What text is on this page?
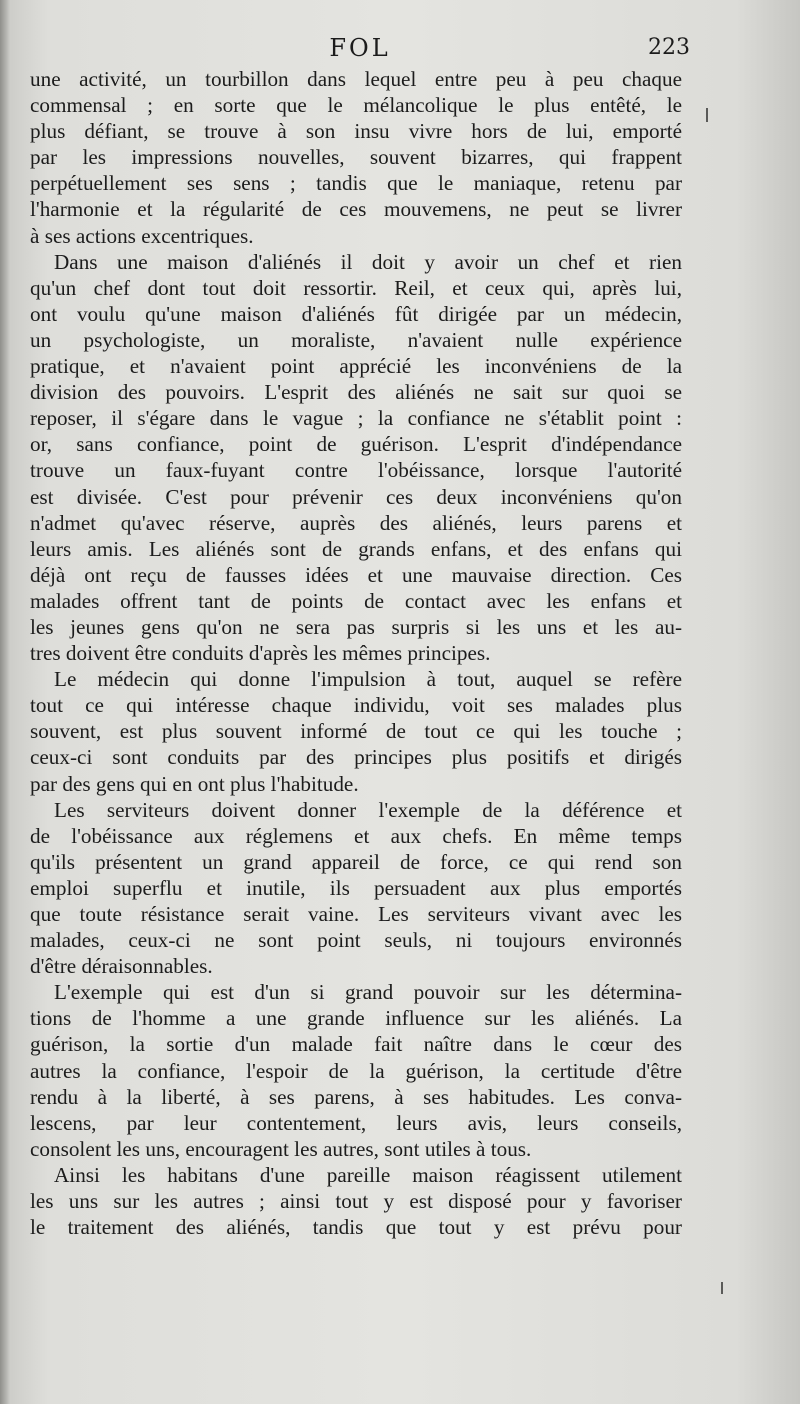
FOL	223
une activité, un tourbillon dans lequel entre peu à peu chaque
commensal ; en sorte que le mélancolique le plus entêté, le
plus défiant, se trouve à son insu vivre hors de lui, emporté
par les impressions nouvelles, souvent bizarres, qui frappent
perpétuellement ses sens ; tandis que le maniaque, retenu par
l'harmonie et la régularité de ces mouvemens, ne peut se livrer
à ses actions excentriques.
Dans une maison d'aliénés il doit y avoir un chef et rien
qu'un chef dont tout doit ressortir. Reil, et ceux qui, après lui,
ont voulu qu'une maison d'aliénés fût dirigée par un médecin,
un psychologiste, un moraliste, n'avaient nulle expérience
pratique, et n'avaient point apprécié les inconvéniens de la
division des pouvoirs. L'esprit des aliénés ne sait sur quoi se
reposer, il s'égare dans le vague ; la confiance ne s'établit point :
or, sans confiance, point de guérison. L'esprit d'indépendance
trouve un faux-fuyant contre l'obéissance, lorsque l'autorité
est divisée. C'est pour prévenir ces deux inconvéniens qu'on
n'admet qu'avec réserve, auprès des aliénés, leurs parens et
leurs amis. Les aliénés sont de grands enfans, et des enfans qui
déjà ont reçu de fausses idées et une mauvaise direction. Ces
malades offrent tant de points de contact avec les enfans et
les jeunes gens qu'on ne sera pas surpris si les uns et les au-
tres doivent être conduits d'après les mêmes principes.
Le médecin qui donne l'impulsion à tout, auquel se refère
tout ce qui intéresse chaque individu, voit ses malades plus
souvent, est plus souvent informé de tout ce qui les touche ;
ceux-ci sont conduits par des principes plus positifs et dirigés
par des gens qui en ont plus l'habitude.
Les serviteurs doivent donner l'exemple de la déférence et
de l'obéissance aux réglemens et aux chefs. En même temps
qu'ils présentent un grand appareil de force, ce qui rend son
emploi superflu et inutile, ils persuadent aux plus emportés
que toute résistance serait vaine. Les serviteurs vivant avec les
malades, ceux-ci ne sont point seuls, ni toujours environnés
d'être déraisonnables.
L'exemple qui est d'un si grand pouvoir sur les détermina-
tions de l'homme a une grande influence sur les aliénés. La
guérison, la sortie d'un malade fait naître dans le cœur des
autres la confiance, l'espoir de la guérison, la certitude d'être
rendu à la liberté, à ses parens, à ses habitudes. Les conva-
lescens, par leur contentement, leurs avis, leurs conseils,
consolent les uns, encouragent les autres, sont utiles à tous.
Ainsi les habitans d'une pareille maison réagissent utilement
les uns sur les autres ; ainsi tout y est disposé pour y favoriser
le traitement des aliénés, tandis que tout y est prévu pour
